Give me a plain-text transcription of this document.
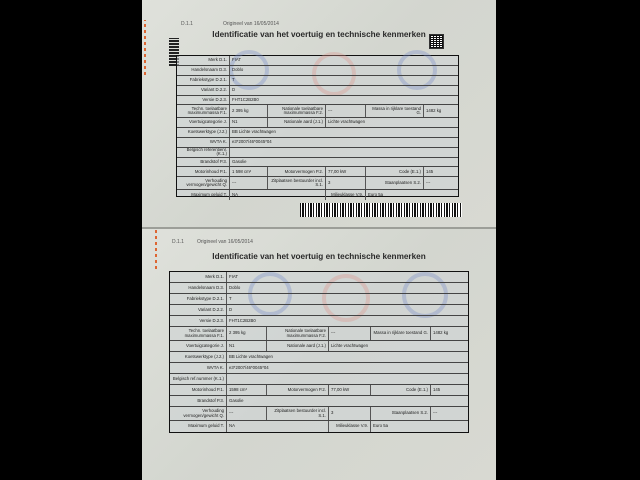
D.1.1	Origineel van 16/05/2014
Identificatie van het voertuig en technische kenmerken
Merk D.1.	FIAT
Handelsnaam D.3.	Doblo
Fabriekstype D.2.1.	T
Variant D.2.2.	D
Versie D.2.3.	FHT1C2B2B0
Techn. toelaatbare maximummassa F.1.	2 395 kg	Nationale toelaatbare maximummassa F.2.	---	Massa in rijklare toestand G.	1482 kg
Voertuigcategorie J.	N1	Nationale aard (J.1.)	Lichte vrachtwagen
Koetswerktype (J.2.)	BB Lichte vrachtwagen
WVTA K.	e3*2007/46*0045*04
Belgisch referentienr. (K.1.)
Brandstof P.3.	Gasolie
Motorinhoud P.1.	1 598 cm³	Motorvermogen P.2.	77,00 kW	Code (E.1.)	145
Verhouding vermogen/gewicht Q.	---	Zitplaatsen bestuurder incl. S.1.	3	Staanplaatsen S.2.	---
Maximum geluid T.	NA	Milieuklasse V.9.	Euro 5a
D.1.1	Origineel van 16/05/2014
Identificatie van het voertuig en technische kenmerken
Merk D.1.	FIAT
Handelsnaam D.3.	Doblo
Fabriekstype D.2.1.	T
Variant D.2.2.	D
Versie D.2.3.	FHT1C2B2B0
Techn. toelaatbare maximummassa F.1.	2 395 kg	Nationale toelaatbare maximummassa F.2.	---	Massa in rijklare toestand G.	1482 kg
Voertuigcategorie J.	N1	Nationale aard (J.1.)	Lichte vrachtwagen
Koetswerktype (J.2.)	BB Lichte vrachtwagen
WVTA K.	e3*2007/46*0045*04
Belgisch ref.nummer (K.1.)
Motorinhoud P.1.	1598 cm³	Motorvermogen P.2.	77,00 kW	Code (E.1.)	145
Brandstof P.3.	Gasolie
Verhouding vermogen/gewicht Q.	---	Zitplaatsen bestuurder incl. S.1.	3	Staanplaatsen S.2.	---
Maximum geluid T.	NA	Milieuklasse V.9.	Euro 5a
